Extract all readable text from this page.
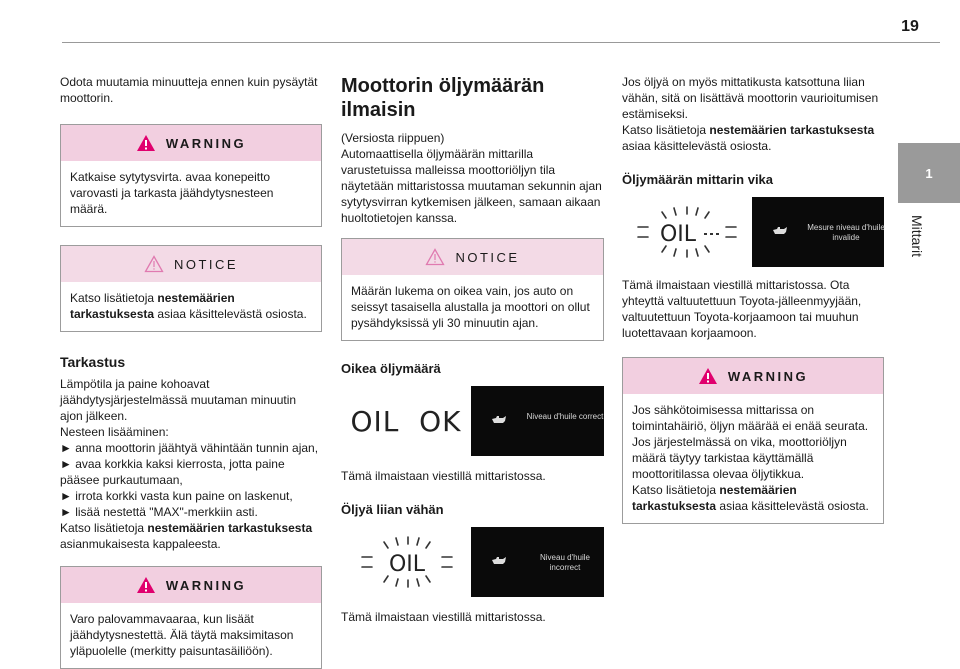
19
1
Mittarit

Odota muutamia minuutteja ennen kuin pysäytät moottorin.

WARNING

Katkaise sytytysvirta. avaa konepeitto varovasti ja tarkasta jäähdytysnesteen määrä.

NOTICE

Katso lisätietoja nestemäärien tarkastuksesta asiaa käsittelevästä osiosta.

Tarkastus

Lämpötila ja paine kohoavat jäähdytysjärjestelmässä muutaman minuutin ajon jälkeen.

Nesteen lisääminen:

► anna moottorin jäähtyä vähintään tunnin ajan,

► avaa korkkia kaksi kierrosta, jotta paine pääsee purkautumaan,

► irrota korkki vasta kun paine on laskenut,

► lisää nestettä "MAX"-merkkiin asti.

Katso lisätietoja nestemäärien tarkastuksesta asianmukaisesta kappaleesta.

WARNING

Varo palovammavaaraa, kun lisäät jäähdytysnestettä. Älä täytä maksimitason yläpuolelle (merkitty paisuntasäiliöön).

Moottorin öljymäärän ilmaisin

(Versiosta riippuen)
Automaattisella öljymäärän mittarilla varustetuissa malleissa moottoriöljyn tila näytetään mittaristossa muutaman sekunnin ajan sytytysvirran kytkemisen jälkeen, samaan aikaan huoltotietojen kanssa.

NOTICE

Määrän lukema on oikea vain, jos auto on seissyt tasaisella alustalla ja moottori on ollut pysähdyksissä yli 30 minuutin ajan.

Oikea öljymäärä
OIL  OK	Niveau d'huile correct

Tämä ilmaistaan viestillä mittaristossa.

Öljyä liian vähän
OIL	Niveau d'huile incorrect

Tämä ilmaistaan viestillä mittaristossa.

Jos öljyä on myös mittatikusta katsottuna liian vähän, sitä on lisättävä moottorin vaurioitumisen estämiseksi.
Katso lisätietoja nestemäärien tarkastuksesta asiaa käsittelevästä osiosta.

Öljymäärän mittarin vika
OIL	Mesure niveau d'huile invalide

Tämä ilmaistaan viestillä mittaristossa. Ota yhteyttä valtuutettuun Toyota-jälleenmyyjään, valtuutettuun Toyota-korjaamoon tai muuhun luotettavaan korjaamoon.

WARNING

Jos sähkötoimisessa mittarissa on toimintahäiriö, öljyn määrää ei enää seurata. Jos järjestelmässä on vika, moottoriöljyn määrä täytyy tarkistaa käyttämällä moottoritilassa olevaa öljytikkua.

Katso lisätietoja nestemäärien tarkastuksesta asiaa käsittelevästä osiosta.
